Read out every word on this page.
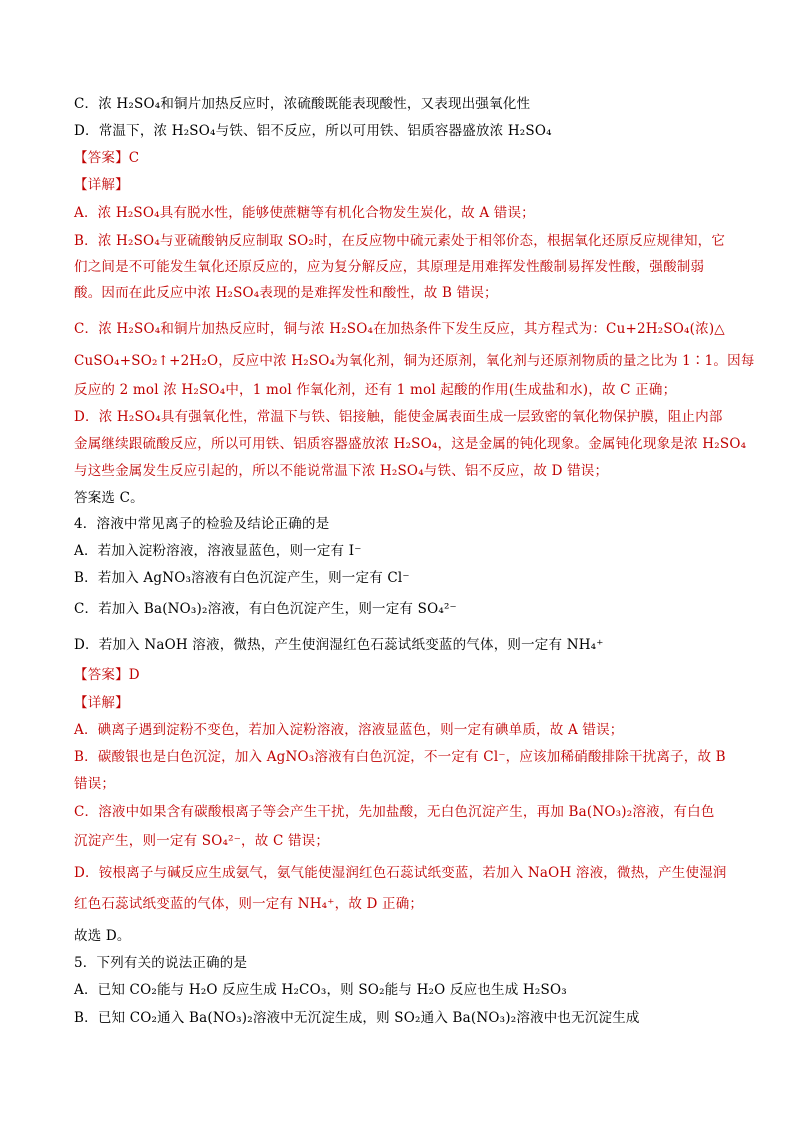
C．浓 H₂SO₄和铜片加热反应时，浓硫酸既能表现酸性，又表现出强氧化性
D．常温下，浓 H₂SO₄与铁、铝不反应，所以可用铁、铝质容器盛放浓 H₂SO₄
【答案】C
【详解】
A．浓 H₂SO₄具有脱水性，能够使蔗糖等有机化合物发生炭化，故 A 错误；
B．浓 H₂SO₄与亚硫酸钠反应制取 SO₂时，在反应物中硫元素处于相邻价态，根据氧化还原反应规律知，它
们之间是不可能发生氧化还原反应的，应为复分解反应，其原理是用难挥发性酸制易挥发性酸，强酸制弱
酸。因而在此反应中浓 H₂SO₄表现的是难挥发性和酸性，故 B 错误；
C．浓 H₂SO₄和铜片加热反应时，铜与浓 H₂SO₄在加热条件下发生反应，其方程式为：Cu+2H₂SO₄(浓)△
CuSO₄+SO₂↑+2H₂O，反应中浓 H₂SO₄为氧化剂，铜为还原剂，氧化剂与还原剂物质的量之比为 1∶1。因每
反应的 2 mol 浓 H₂SO₄中，1 mol 作氧化剂，还有 1 mol 起酸的作用(生成盐和水)，故 C 正确；
D．浓 H₂SO₄具有强氧化性，常温下与铁、铝接触，能使金属表面生成一层致密的氧化物保护膜，阻止内部
金属继续跟硫酸反应，所以可用铁、铝质容器盛放浓 H₂SO₄，这是金属的钝化现象。金属钝化现象是浓 H₂SO₄
与这些金属发生反应引起的，所以不能说常温下浓 H₂SO₄与铁、铝不反应，故 D 错误；
答案选 C。
4．溶液中常见离子的检验及结论正确的是
A．若加入淀粉溶液，溶液显蓝色，则一定有 I⁻
B．若加入 AgNO₃溶液有白色沉淀产生，则一定有 Cl⁻
C．若加入 Ba(NO₃)₂溶液，有白色沉淀产生，则一定有 SO₄²⁻
D．若加入 NaOH 溶液，微热，产生使润湿红色石蕊试纸变蓝的气体，则一定有 NH₄⁺
【答案】D
【详解】
A．碘离子遇到淀粉不变色，若加入淀粉溶液，溶液显蓝色，则一定有碘单质，故 A 错误；
B．碳酸银也是白色沉淀，加入 AgNO₃溶液有白色沉淀，不一定有 Cl⁻，应该加稀硝酸排除干扰离子，故 B
错误；
C．溶液中如果含有碳酸根离子等会产生干扰，先加盐酸，无白色沉淀产生，再加 Ba(NO₃)₂溶液，有白色
沉淀产生，则一定有 SO₄²⁻，故 C 错误；
D．铵根离子与碱反应生成氨气，氨气能使湿润红色石蕊试纸变蓝，若加入 NaOH 溶液，微热，产生使湿润
红色石蕊试纸变蓝的气体，则一定有 NH₄⁺，故 D 正确；
故选 D。
5．下列有关的说法正确的是
A．已知 CO₂能与 H₂O 反应生成 H₂CO₃，则 SO₂能与 H₂O 反应也生成 H₂SO₃
B．已知 CO₂通入 Ba(NO₃)₂溶液中无沉淀生成，则 SO₂通入 Ba(NO₃)₂溶液中也无沉淀生成
